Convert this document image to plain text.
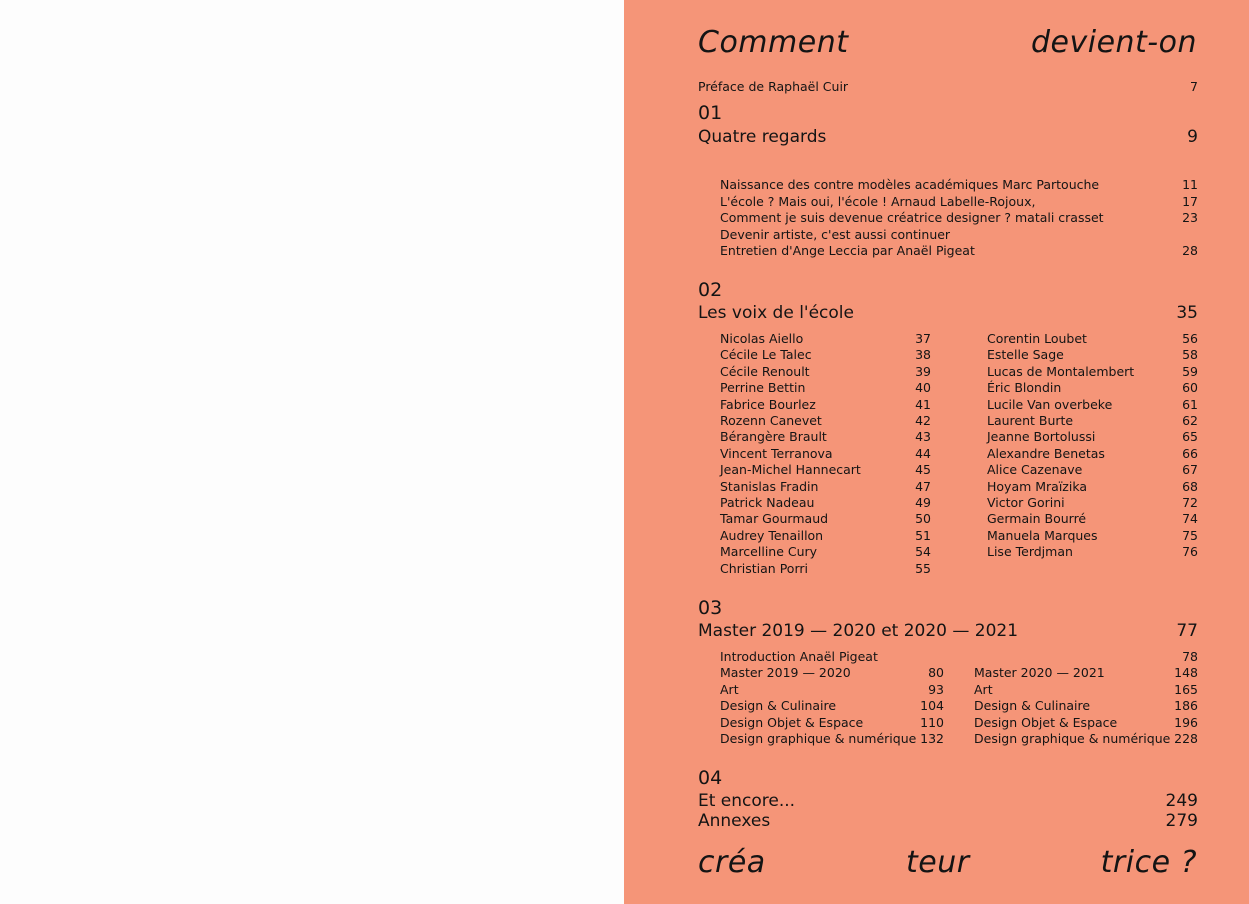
Comment	devient-on
Préface de Raphaël Cuir	7
01
Quatre regards	9
Naissance des contre modèles académiques Marc Partouche	11
L'école ? Mais oui, l'école ! Arnaud Labelle-Rojoux,	17
Comment je suis devenue créatrice designer ? matali crasset	23
Devenir artiste, c'est aussi continuer
Entretien d'Ange Leccia par Anaël Pigeat	28
02
Les voix de l'école	35
Nicolas Aiello	37
Cécile Le Talec	38
Cécile Renoult	39
Perrine Bettin	40
Fabrice Bourlez	41
Rozenn Canevet	42
Bérangère Brault	43
Vincent Terranova	44
Jean-Michel Hannecart	45
Stanislas Fradin	47
Patrick Nadeau	49
Tamar Gourmaud	50
Audrey Tenaillon	51
Marcelline Cury	54
Christian Porri	55
Corentin Loubet	56
Estelle Sage	58
Lucas de Montalembert	59
Éric Blondin	60
Lucile Van overbeke	61
Laurent Burte	62
Jeanne Bortolussi	65
Alexandre Benetas	66
Alice Cazenave	67
Hoyam Mraïzika	68
Victor Gorini	72
Germain Bourré	74
Manuela Marques	75
Lise Terdjman	76
03
Master 2019 — 2020 et 2020 — 2021	77
Introduction Anaël Pigeat	78
Master 2019 — 2020	80
Art	93
Design & Culinaire	104
Design Objet & Espace	110
Design graphique & numérique 132
Master 2020 — 2021	148
Art	165
Design & Culinaire	186
Design Objet & Espace	196
Design graphique & numérique 228
04
Et encore...	249
Annexes	279
créa	teur	trice ?
